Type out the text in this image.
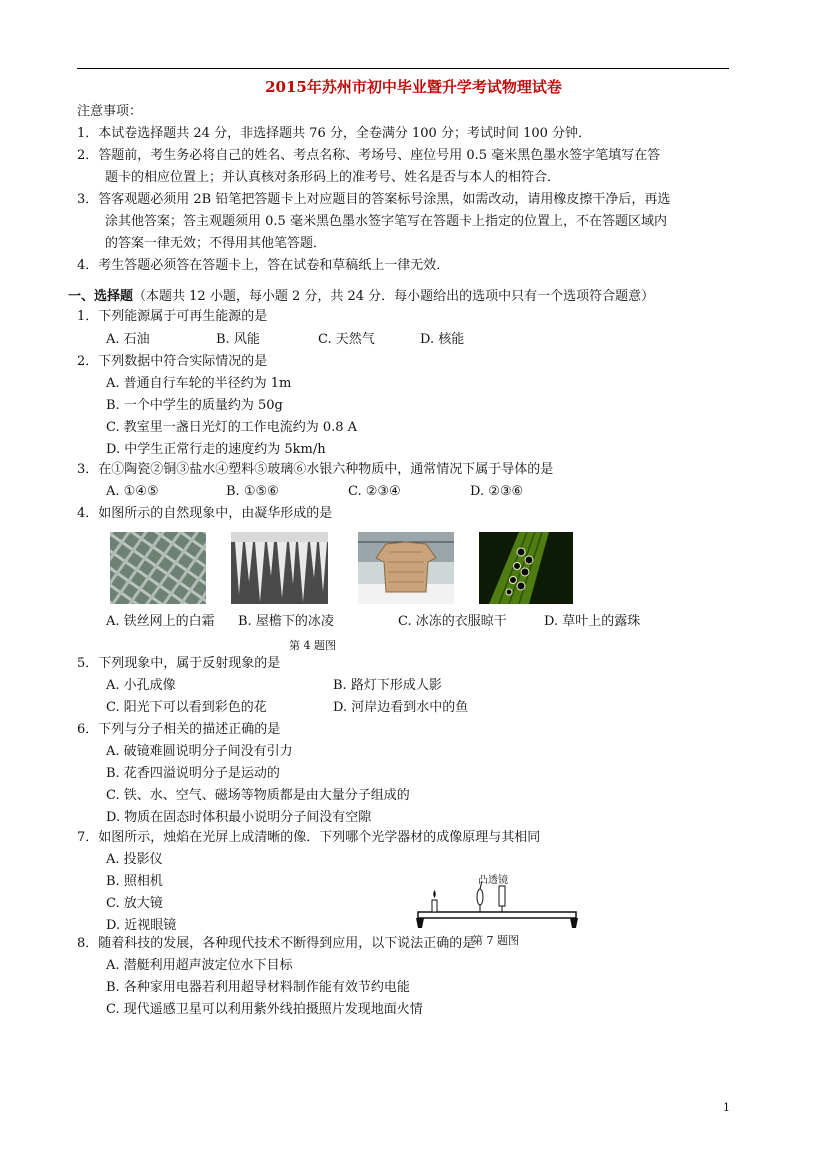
2015年苏州市初中毕业暨升学考试物理试卷
注意事项：
1．本试卷选择题共 24 分，非选择题共 76 分，全卷满分 100 分；考试时间 100 分钟．
2．答题前，考生务必将自己的姓名、考点名称、考场号、座位号用 0.5 毫米黑色墨水签字笔填写在答
题卡的相应位置上；并认真核对条形码上的准考号、姓名是否与本人的相符合．
3．答客观题必须用 2B 铅笔把答题卡上对应题目的答案标号涂黑，如需改动，请用橡皮擦干净后，再选
涂其他答案；答主观题须用 0.5 毫米黑色墨水签字笔写在答题卡上指定的位置上，不在答题区域内
的答案一律无效；不得用其他笔答题．
4．考生答题必须答在答题卡上，答在试卷和草稿纸上一律无效．
一、选择题（本题共 12 小题，每小题 2 分，共 24 分．每小题给出的选项中只有一个选项符合题意）
1．下列能源属于可再生能源的是
A. 石油	B. 风能	C. 天然气	D. 核能
2．下列数据中符合实际情况的是
A. 普通自行车轮的半径约为 1m
B. 一个中学生的质量约为 50g
C. 教室里一盏日光灯的工作电流约为 0.8 A
D. 中学生正常行走的速度约为 5km/h
3．在①陶瓷②铜③盐水④塑料⑤玻璃⑥水银六种物质中，通常情况下属于导体的是
A. ①④⑤	B. ①⑤⑥	C. ②③④	D. ②③⑥
4．如图所示的自然现象中，由凝华形成的是
A. 铁丝网上的白霜 B. 屋檐下的冰凌	C. 冰冻的衣服晾干	D. 草叶上的露珠
第 4 题图
5．下列现象中，属于反射现象的是
A. 小孔成像	B. 路灯下形成人影
C. 阳光下可以看到彩色的花	D. 河岸边看到水中的鱼
6．下列与分子相关的描述正确的是
A. 破镜难圆说明分子间没有引力
B. 花香四溢说明分子是运动的
C. 铁、水、空气、磁场等物质都是由大量分子组成的
D. 物质在固态时体积最小说明分子间没有空隙
7．如图所示，烛焰在光屏上成清晰的像．下列哪个光学器材的成像原理与其相同
A. 投影仪
B. 照相机
C. 放大镜
D. 近视眼镜
凸透镜
第 7 题图
8．随着科技的发展，各种现代技术不断得到应用，以下说法正确的是
A. 潜艇利用超声波定位水下目标
B. 各种家用电器若利用超导材料制作能有效节约电能
C. 现代遥感卫星可以利用紫外线拍摄照片发现地面火情
1
